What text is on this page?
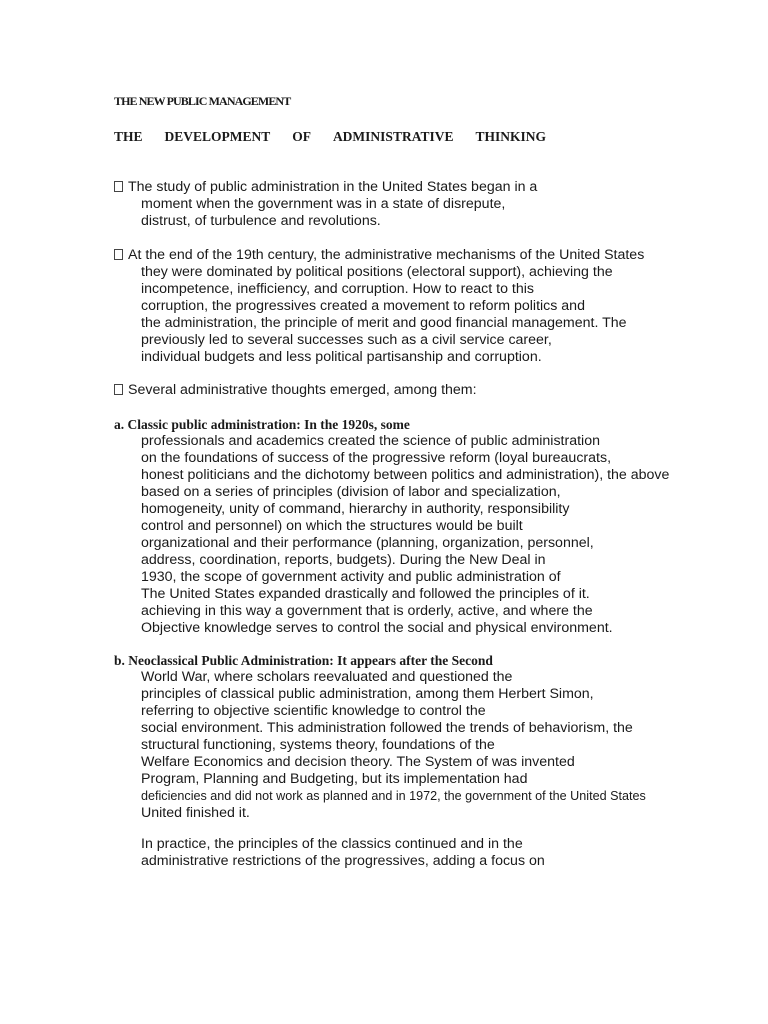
THE NEW PUBLIC MANAGEMENT
THE DEVELOPMENT OF ADMINISTRATIVE THINKING
The study of public administration in the United States began in a
moment when the government was in a state of disrepute,
distrust, of turbulence and revolutions.
At the end of the 19th century, the administrative mechanisms of the United States
they were dominated by political positions (electoral support), achieving the
incompetence, inefficiency, and corruption. How to react to this
corruption, the progressives created a movement to reform politics and
the administration, the principle of merit and good financial management. The
previously led to several successes such as a civil service career,
individual budgets and less political partisanship and corruption.
Several administrative thoughts emerged, among them:
a. Classic public administration: In the 1920s, some
professionals and academics created the science of public administration
on the foundations of success of the progressive reform (loyal bureaucrats,
honest politicians and the dichotomy between politics and administration), the above
based on a series of principles (division of labor and specialization,
homogeneity, unity of command, hierarchy in authority, responsibility
control and personnel) on which the structures would be built
organizational and their performance (planning, organization, personnel,
address, coordination, reports, budgets). During the New Deal in
1930, the scope of government activity and public administration of
The United States expanded drastically and followed the principles of it.
achieving in this way a government that is orderly, active, and where the
Objective knowledge serves to control the social and physical environment.
b. Neoclassical Public Administration: It appears after the Second
World War, where scholars reevaluated and questioned the
principles of classical public administration, among them Herbert Simon,
referring to objective scientific knowledge to control the
social environment. This administration followed the trends of behaviorism, the
structural functioning, systems theory, foundations of the
Welfare Economics and decision theory. The System of was invented
Program, Planning and Budgeting, but its implementation had
deficiencies and did not work as planned and in 1972, the government of the United States
United finished it.
In practice, the principles of the classics continued and in the
administrative restrictions of the progressives, adding a focus on
